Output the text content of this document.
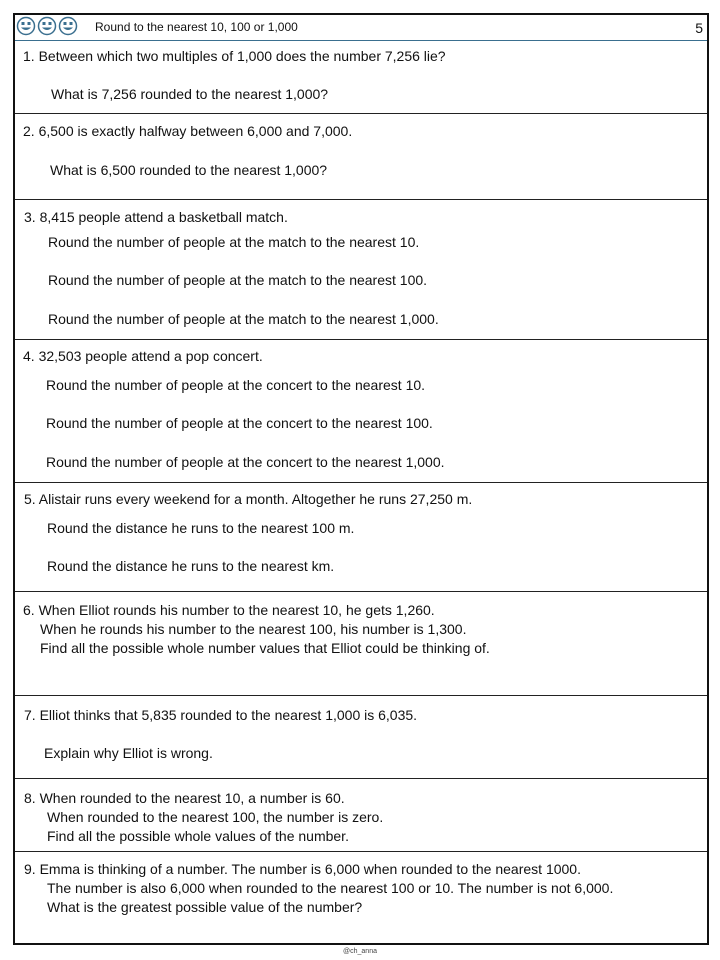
Round to the nearest 10, 100 or 1,000	5
1. Between which two multiples of 1,000 does the number 7,256 lie?
What is 7,256 rounded to the nearest 1,000?
2. 6,500 is exactly halfway between 6,000 and 7,000.
What is 6,500 rounded to the nearest 1,000?
3. 8,415 people attend a basketball match.
Round the number of people at the match to the nearest 10.
Round the number of people at the match to the nearest 100.
Round the number of people at the match to the nearest 1,000.
4. 32,503 people attend a pop concert.
Round the number of people at the concert to the nearest 10.
Round the number of people at the concert to the nearest 100.
Round the number of people at the concert to the nearest 1,000.
5. Alistair runs every weekend for a month. Altogether he runs 27,250 m.
Round the distance he runs to the nearest 100 m.
Round the distance he runs to the nearest km.
6. When Elliot rounds his number to the nearest 10, he gets 1,260.
When he rounds his number to the nearest 100, his number is 1,300.
Find all the possible whole number values that Elliot could be thinking of.
7. Elliot thinks that 5,835 rounded to the nearest 1,000 is 6,035.
Explain why Elliot is wrong.
8. When rounded to the nearest 10, a number is 60.
When rounded to the nearest 100, the number is zero.
Find all the possible whole values of the number.
9. Emma is thinking of a number. The number is 6,000 when rounded to the nearest 1000.
The number is also 6,000 when rounded to the nearest 100 or 10. The number is not 6,000.
What is the greatest possible value of the number?
@ch_anna
